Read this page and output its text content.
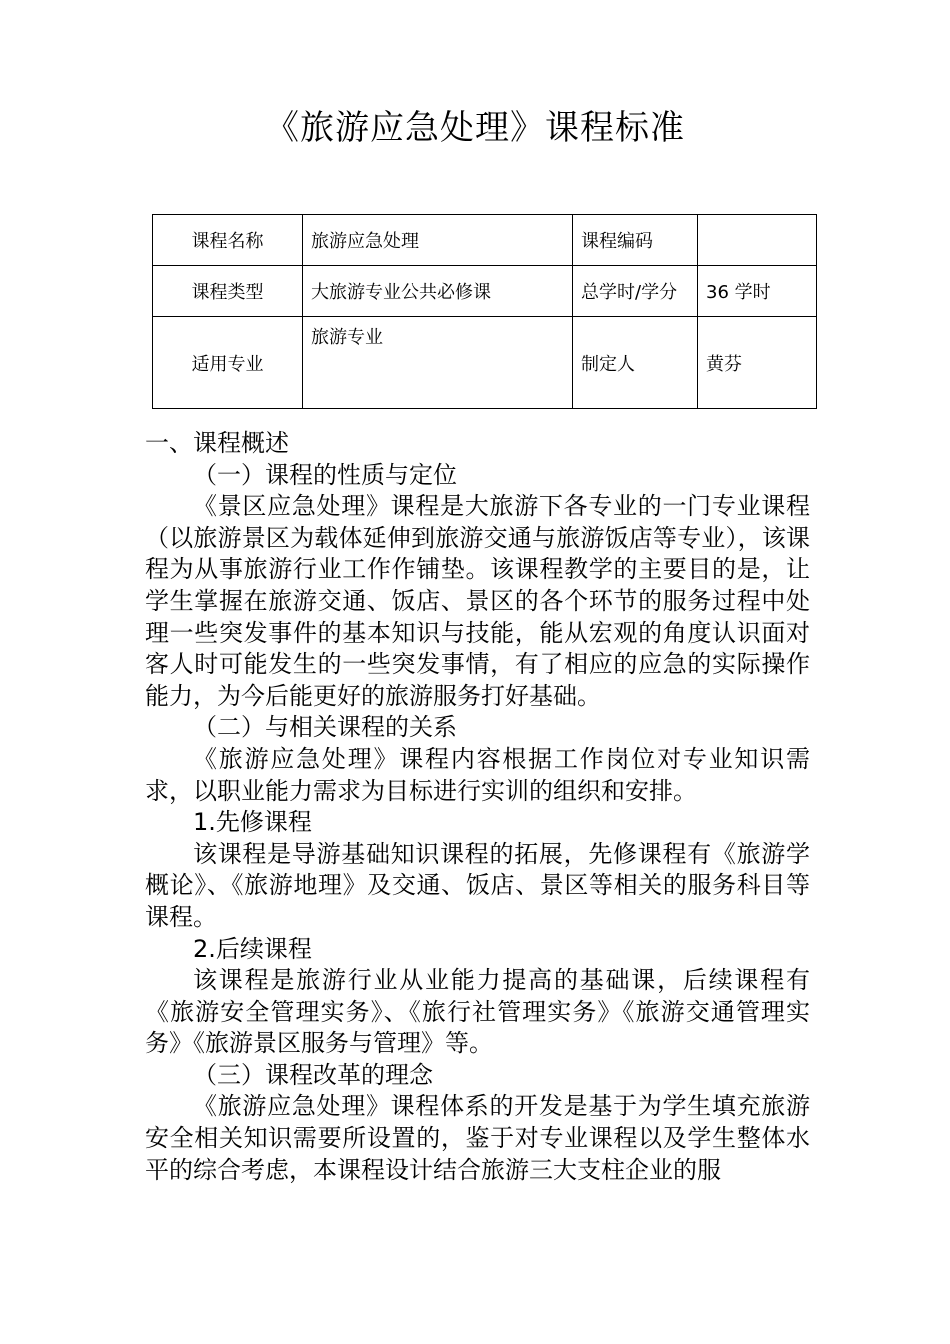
《旅游应急处理》课程标准
课程名称	旅游应急处理	课程编码	
课程类型	大旅游专业公共必修课	总学时/学分	36 学时
适用专业	旅游专业	制定人	黄芬

一、课程概述

（一）课程的性质与定位

《景区应急处理》课程是大旅游下各专业的一门专业课程（以旅游景区为载体延伸到旅游交通与旅游饭店等专业），该课程为从事旅游行业工作作铺垫。该课程教学的主要目的是，让学生掌握在旅游交通、饭店、景区的各个环节的服务过程中处理一些突发事件的基本知识与技能，能从宏观的角度认识面对客人时可能发生的一些突发事情，有了相应的应急的实际操作能力，为今后能更好的旅游服务打好基础。

（二）与相关课程的关系

《旅游应急处理》课程内容根据工作岗位对专业知识需求，以职业能力需求为目标进行实训的组织和安排。

1.先修课程

该课程是导游基础知识课程的拓展，先修课程有《旅游学概论》、《旅游地理》及交通、饭店、景区等相关的服务科目等课程。

2.后续课程

该课程是旅游行业从业能力提高的基础课，后续课程有《旅游安全管理实务》、《旅行社管理实务》《旅游交通管理实务》《旅游景区服务与管理》等。

（三）课程改革的理念

《旅游应急处理》课程体系的开发是基于为学生填充旅游安全相关知识需要所设置的，鉴于对专业课程以及学生整体水平的综合考虑，本课程设计结合旅游三大支柱企业的服
